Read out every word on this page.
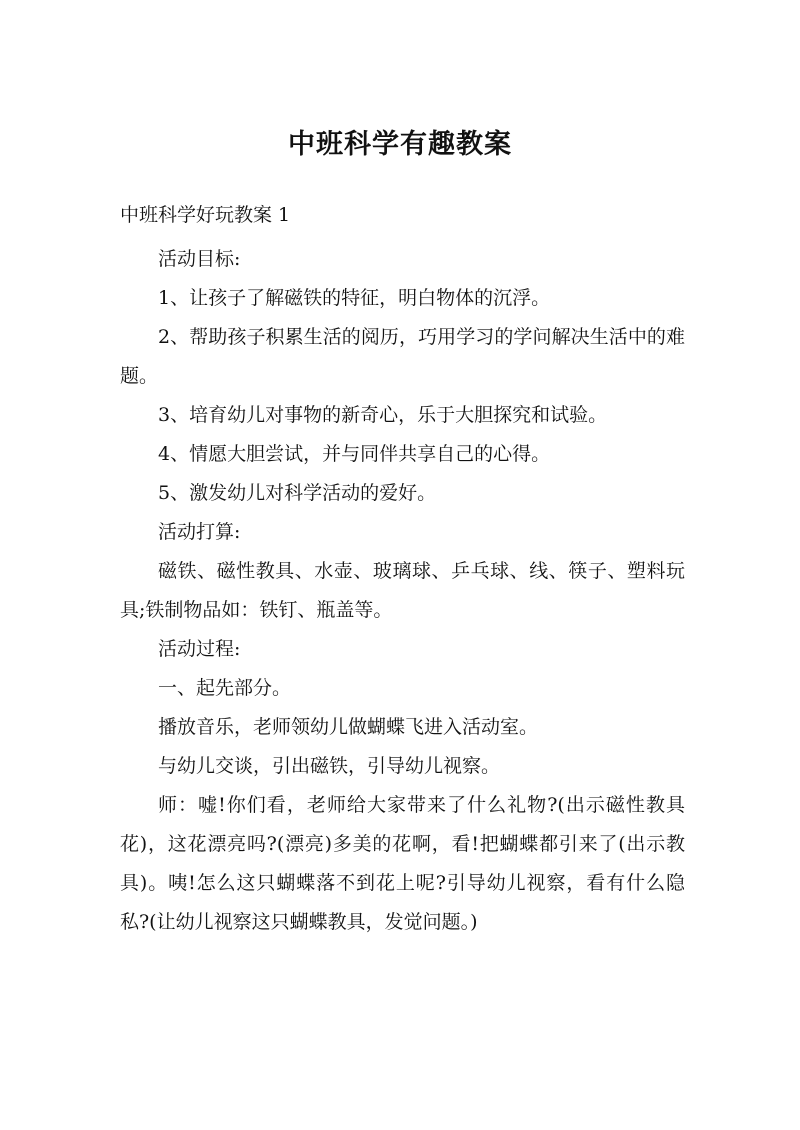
中班科学有趣教案
中班科学好玩教案 1

活动目标:

1、让孩子了解磁铁的特征，明白物体的沉浮。

2、帮助孩子积累生活的阅历，巧用学习的学问解决生活中的难题。

3、培育幼儿对事物的新奇心，乐于大胆探究和试验。

4、情愿大胆尝试，并与同伴共享自己的心得。

5、激发幼儿对科学活动的爱好。

活动打算:

磁铁、磁性教具、水壶、玻璃球、乒乓球、线、筷子、塑料玩具;铁制物品如：铁钉、瓶盖等。

活动过程:

一、起先部分。

播放音乐，老师领幼儿做蝴蝶飞进入活动室。

与幼儿交谈，引出磁铁，引导幼儿视察。

师：嘘!你们看，老师给大家带来了什么礼物?(出示磁性教具花)，这花漂亮吗?(漂亮)多美的花啊，看!把蝴蝶都引来了(出示教具)。咦!怎么这只蝴蝶落不到花上呢?引导幼儿视察，看有什么隐私?(让幼儿视察这只蝴蝶教具，发觉问题。)
